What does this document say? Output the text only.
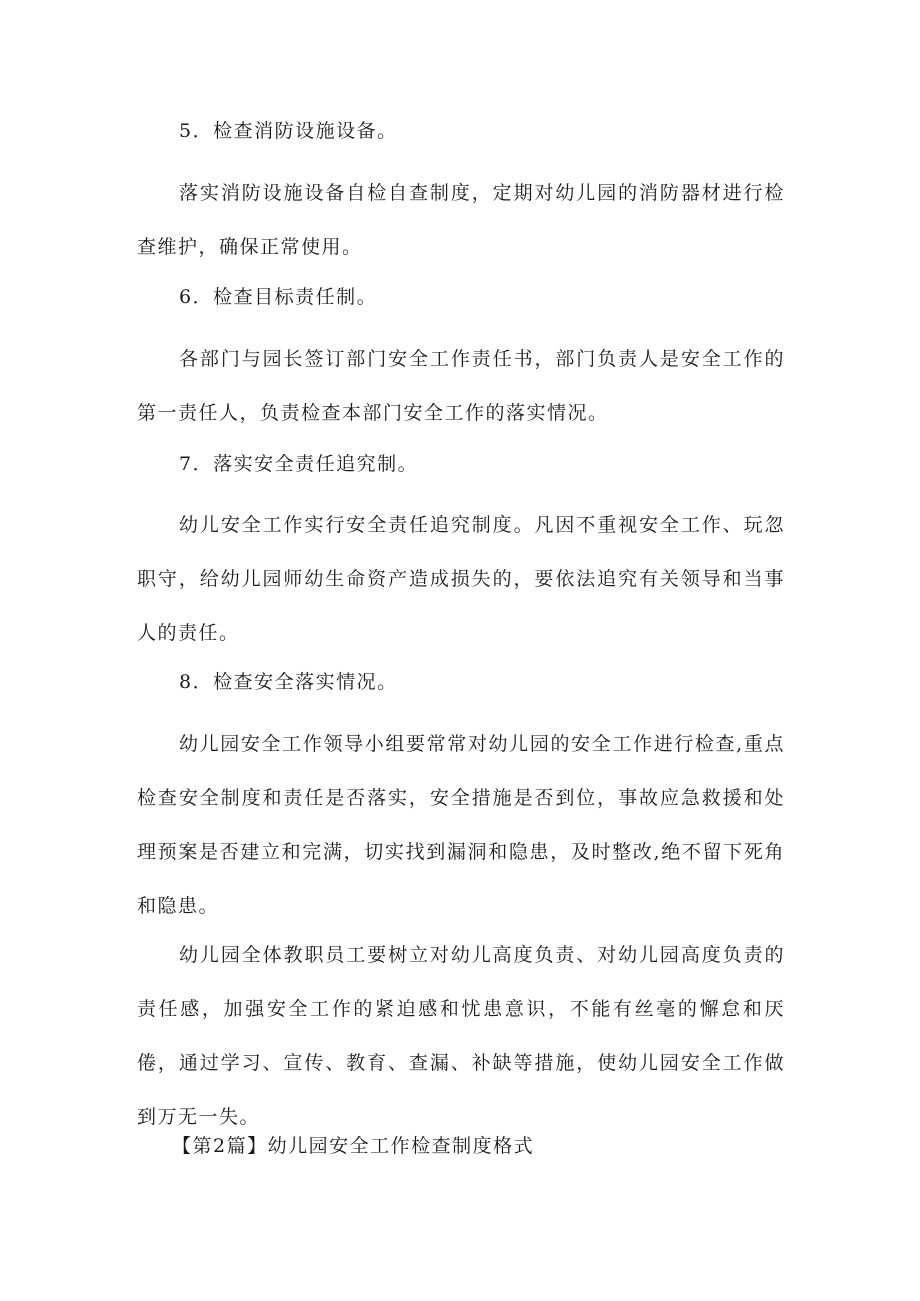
5．检查消防设施设备。

落实消防设施设备自检自查制度，定期对幼儿园的消防器材进行检查维护，确保正常使用。

6．检查目标责任制。

各部门与园长签订部门安全工作责任书，部门负责人是安全工作的第一责任人，负责检查本部门安全工作的落实情况。

7．落实安全责任追究制。

幼儿安全工作实行安全责任追究制度。凡因不重视安全工作、玩忽职守，给幼儿园师幼生命资产造成损失的，要依法追究有关领导和当事人的责任。

8．检查安全落实情况。

幼儿园安全工作领导小组要常常对幼儿园的安全工作进行检查,重点检查安全制度和责任是否落实，安全措施是否到位，事故应急救援和处理预案是否建立和完满，切实找到漏洞和隐患，及时整改,绝不留下死角和隐患。

幼儿园全体教职员工要树立对幼儿高度负责、对幼儿园高度负责的责任感，加强安全工作的紧迫感和忧患意识，不能有丝毫的懈怠和厌倦，通过学习、宣传、教育、查漏、补缺等措施，使幼儿园安全工作做到万无一失。

【第2篇】幼儿园安全工作检查制度格式
